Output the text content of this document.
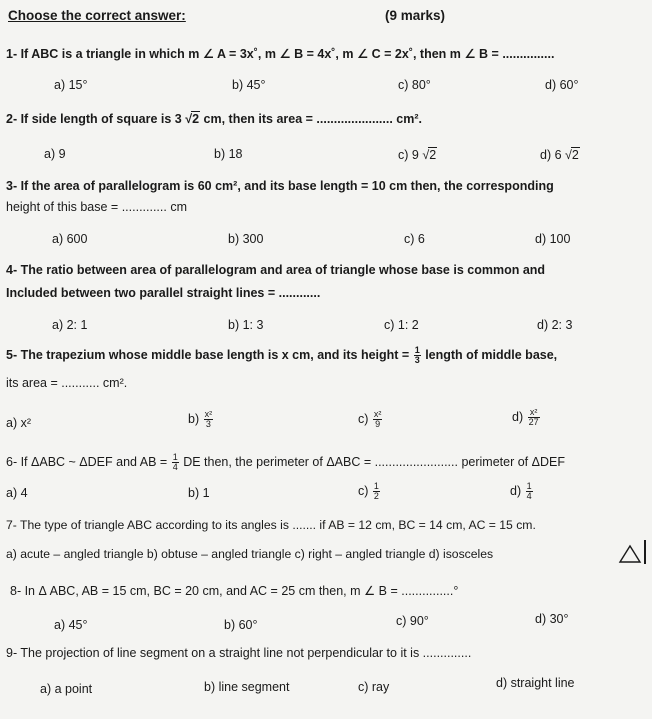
Choose the correct answer:	(9 marks)
1- If ABC is a triangle in which m ∠ A = 3x˚, m ∠ B = 4x˚, m ∠ C = 2x˚, then m ∠ B = ...............
a) 15°	b) 45°	c) 80°	d) 60°
2- If side length of square is 3 √2 cm, then its area = ...................... cm².
a) 9	b) 18	c) 9 √2	d) 6 √2
3- If the area of parallelogram is 60 cm², and its base length = 10 cm then, the corresponding
height of this base = ............. cm
a) 600	b) 300	c) 6	d) 100
4- The ratio between area of parallelogram and area of triangle whose base is common and
Included between two parallel straight lines = ............
a) 2: 1	b) 1: 3	c) 1: 2	d) 2: 3
5- The trapezium whose middle base length is x cm, and its height = $\frac{1}{3}$ length of middle base,
its area = ........... cm².
a) x²	$b) \frac{\text{x²}}{3}$	$c) \frac{\text{x²}}{9}$	$d) \frac{\text{x²}}{27}$
6- If ΔABC ~ ΔDEF and AB = $\frac{1}{4}$ DE then, the perimeter of ΔABC = ........................ perimeter of ΔDEF
a) 4	b) 1	$c) \frac{1}{2}$	$d) \frac{1}{4}$
7- The type of triangle ABC according to its angles is ....... if AB = 12 cm, BC = 14 cm, AC = 15 cm.
a) acute – angled triangle b) obtuse – angled triangle c) right – angled triangle d) isosceles
8- In Δ ABC, AB = 15 cm, BC = 20 cm, and AC = 25 cm then, m ∠ B = ...............°
a) 45°	b) 60°	c) 90°	d) 30°
9- The projection of line segment on a straight line not perpendicular to it is ..............
a) a point	b) line segment	c) ray	d) straight line
